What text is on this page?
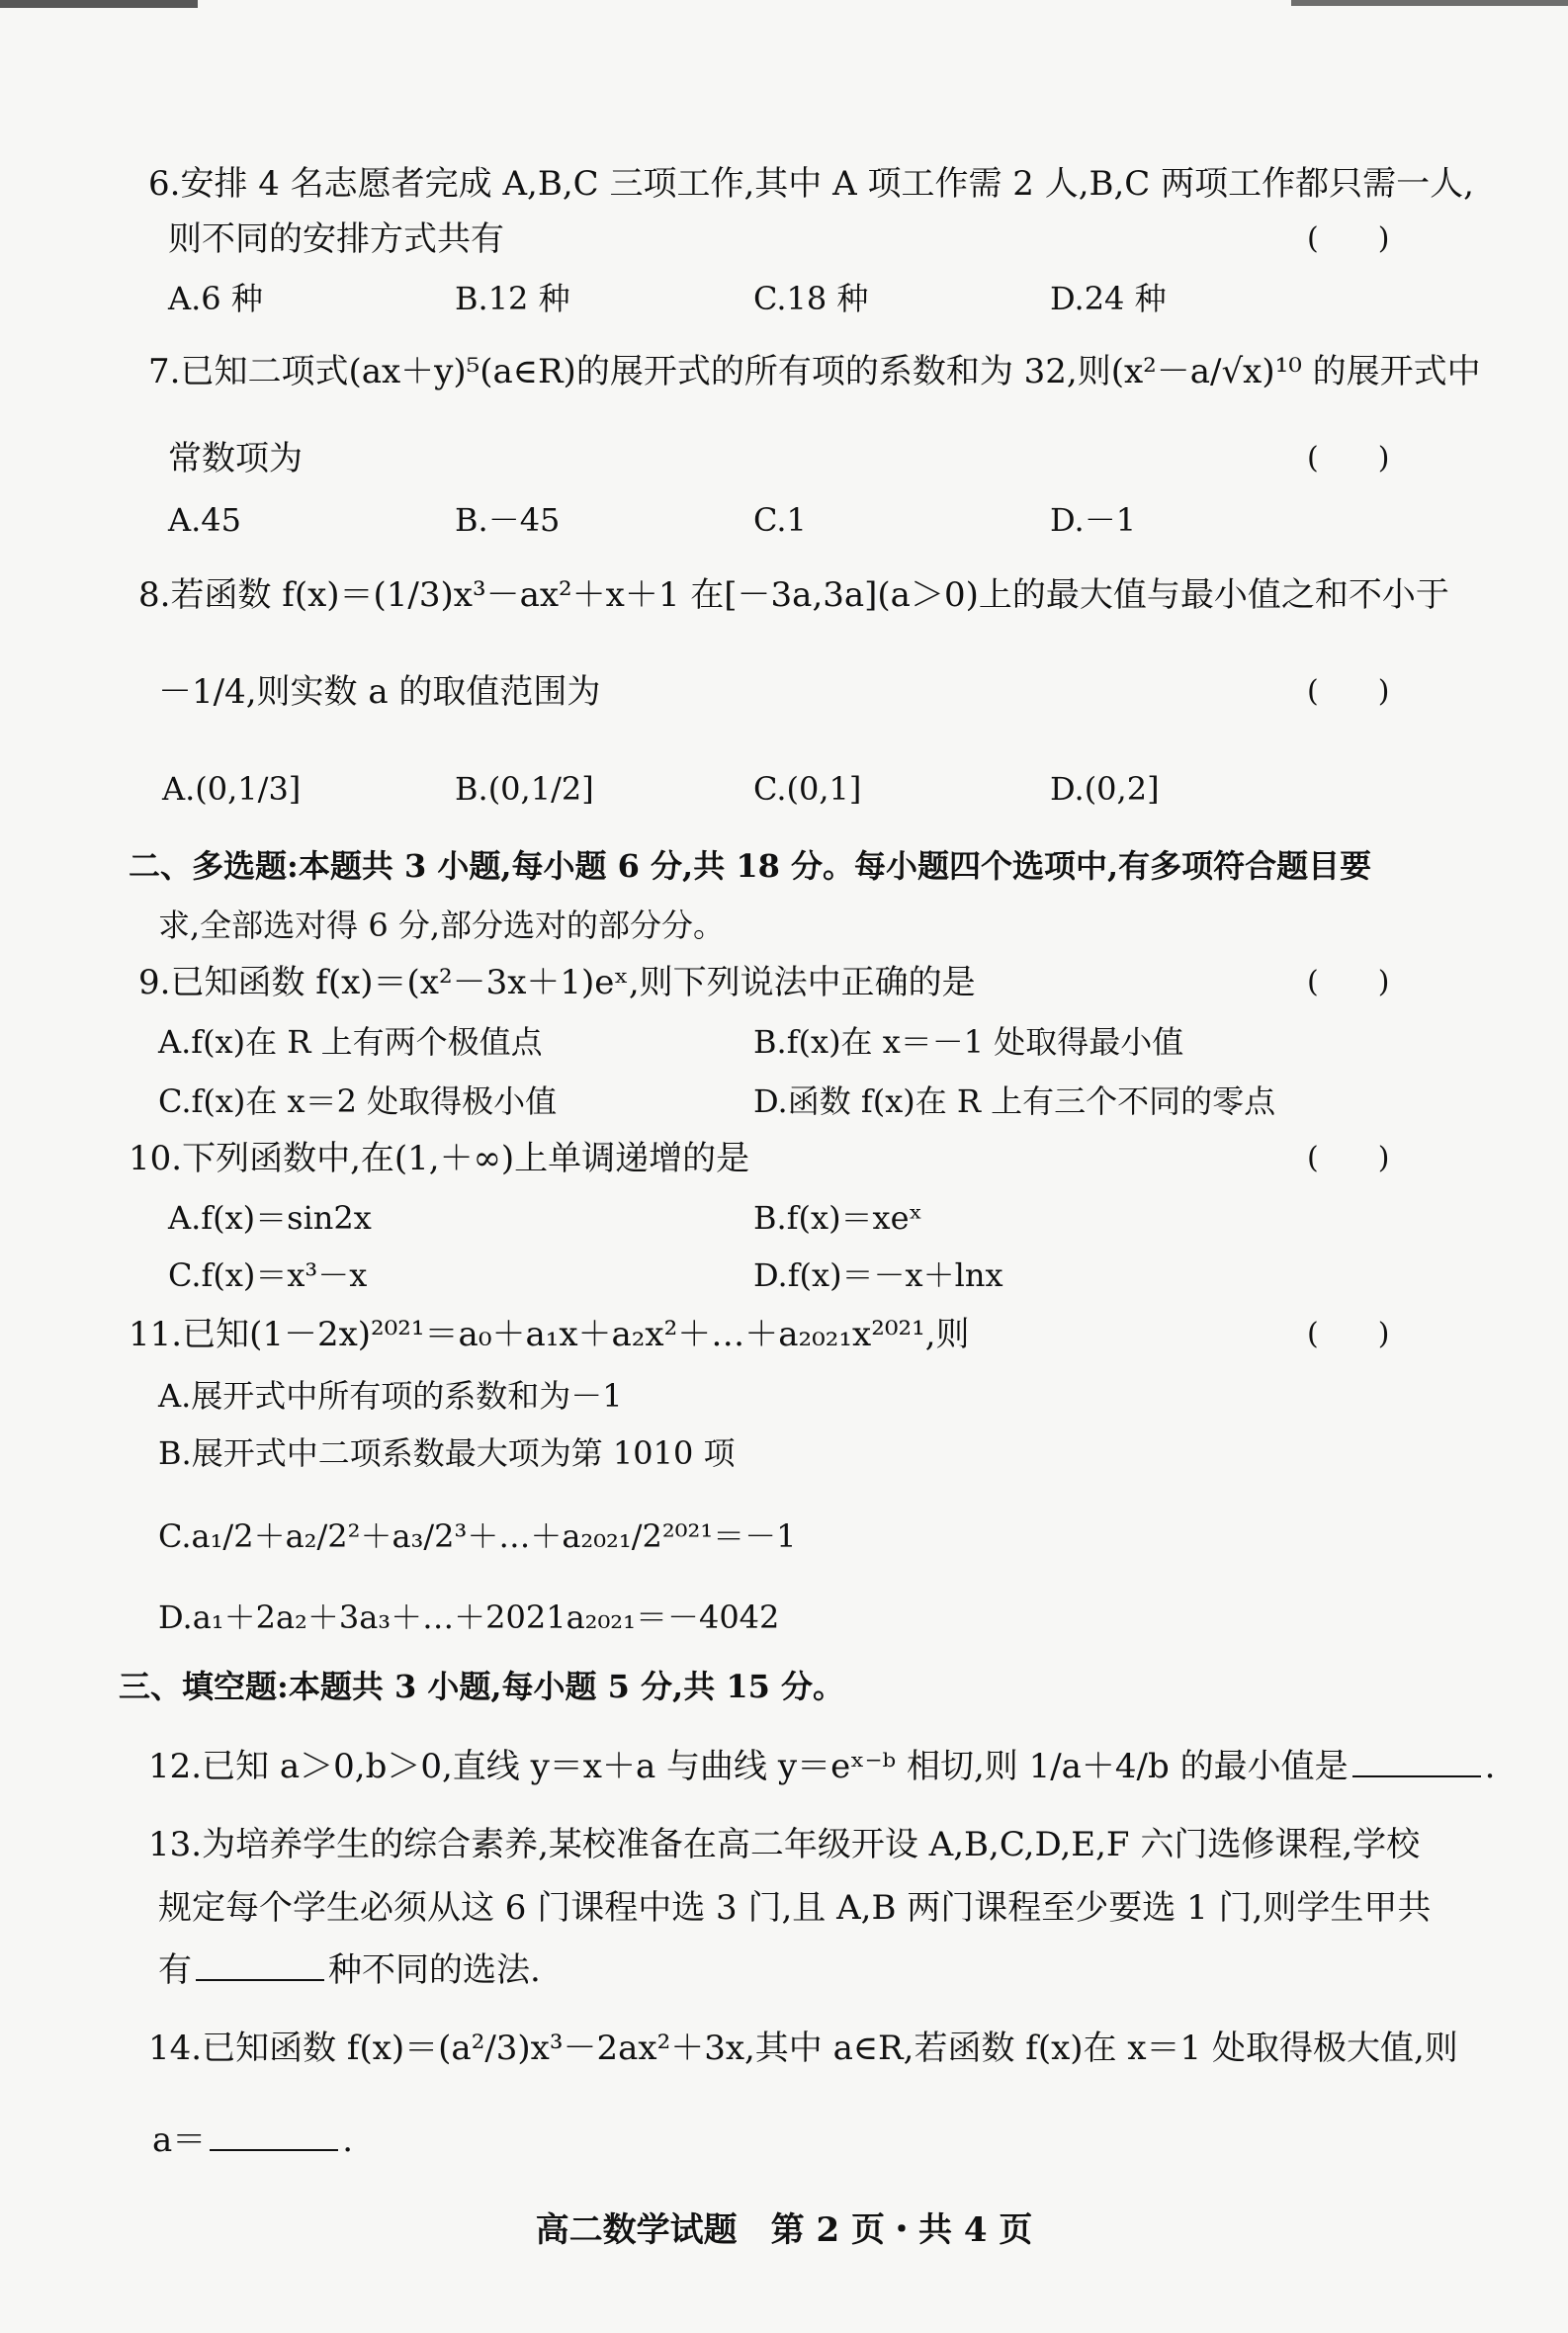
6.安排 4 名志愿者完成 A,B,C 三项工作,其中 A 项工作需 2 人,B,C 两项工作都只需一人,
则不同的安排方式共有	(　　)
A.6 种	B.12 种	C.18 种	D.24 种
7.已知二项式(ax＋y)⁵(a∈R)的展开式的所有项的系数和为 32,则(x²－a/√x)¹⁰ 的展开式中
常数项为	(　　)
A.45	B.－45	C.1	D.－1
8.若函数 f(x)＝(1/3)x³－ax²＋x＋1 在[－3a,3a](a＞0)上的最大值与最小值之和不小于
－1/4,则实数 a 的取值范围为	(　　)
A.(0,1/3]	B.(0,1/2]	C.(0,1]	D.(0,2]
二、多选题:本题共 3 小题,每小题 6 分,共 18 分。每小题四个选项中,有多项符合题目要
求,全部选对得 6 分,部分选对的部分分。
9.已知函数 f(x)＝(x²－3x＋1)eˣ,则下列说法中正确的是	(　　)
A.f(x)在 R 上有两个极值点	B.f(x)在 x＝－1 处取得最小值
C.f(x)在 x＝2 处取得极小值	D.函数 f(x)在 R 上有三个不同的零点
10.下列函数中,在(1,＋∞)上单调递增的是	(　　)
A.f(x)＝sin2x	B.f(x)＝xeˣ
C.f(x)＝x³－x	D.f(x)＝－x＋lnx
11.已知(1－2x)²⁰²¹＝a₀＋a₁x＋a₂x²＋…＋a₂₀₂₁x²⁰²¹,则	(　　)
A.展开式中所有项的系数和为－1
B.展开式中二项系数最大项为第 1010 项
C.a₁/2＋a₂/2²＋a₃/2³＋…＋a₂₀₂₁/2²⁰²¹＝－1
D.a₁＋2a₂＋3a₃＋…＋2021a₂₀₂₁＝－4042
三、填空题:本题共 3 小题,每小题 5 分,共 15 分。
12.已知 a＞0,b＞0,直线 y＝x＋a 与曲线 y＝eˣ⁻ᵇ 相切,则 1/a＋4/b 的最小值是	.
13.为培养学生的综合素养,某校准备在高二年级开设 A,B,C,D,E,F 六门选修课程,学校
规定每个学生必须从这 6 门课程中选 3 门,且 A,B 两门课程至少要选 1 门,则学生甲共
有	种不同的选法.
14.已知函数 f(x)＝(a²/3)x³－2ax²＋3x,其中 a∈R,若函数 f(x)在 x＝1 处取得极大值,则
a＝	.
高二数学试题　第 2 页・共 4 页
